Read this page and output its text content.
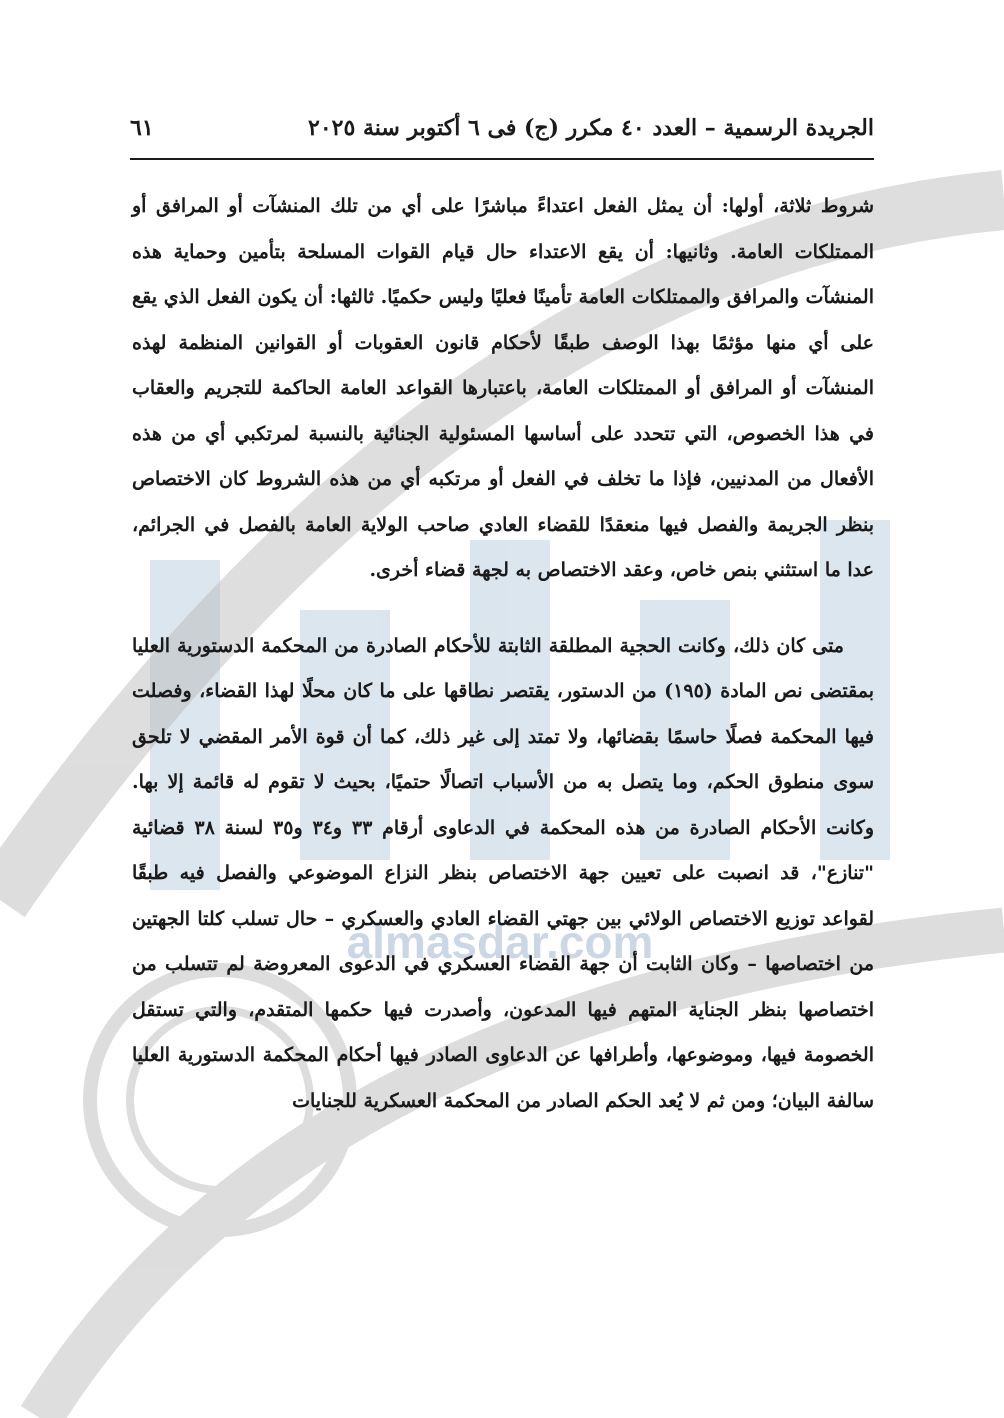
almasdar.com
الجريدة الرسمية – العدد ٤٠ مكرر (ج) فى ٦ أكتوبر سنة ٢٠٢٥
٦١

شروط ثلاثة، أولها: أن يمثل الفعل اعتداءً مباشرًا على أي من تلك المنشآت أو المرافق أو الممتلكات العامة. وثانيها: أن يقع الاعتداء حال قيام القوات المسلحة بتأمين وحماية هذه المنشآت والمرافق والممتلكات العامة تأمينًا فعليًا وليس حكميًا. ثالثها: أن يكون الفعل الذي يقع على أي منها مؤثمًا بهذا الوصف طبقًا لأحكام قانون العقوبات أو القوانين المنظمة لهذه المنشآت أو المرافق أو الممتلكات العامة، باعتبارها القواعد العامة الحاكمة للتجريم والعقاب في هذا الخصوص، التي تتحدد على أساسها المسئولية الجنائية بالنسبة لمرتكبي أي من هذه الأفعال من المدنيين، فإذا ما تخلف في الفعل أو مرتكبه أي من هذه الشروط كان الاختصاص بنظر الجريمة والفصل فيها منعقدًا للقضاء العادي صاحب الولاية العامة بالفصل في الجرائم، عدا ما استثني بنص خاص، وعقد الاختصاص به لجهة قضاء أخرى.

متى كان ذلك، وكانت الحجية المطلقة الثابتة للأحكام الصادرة من المحكمة الدستورية العليا بمقتضى نص المادة (١٩٥) من الدستور، يقتصر نطاقها على ما كان محلًا لهذا القضاء، وفصلت فيها المحكمة فصلًا حاسمًا بقضائها، ولا تمتد إلى غير ذلك، كما أن قوة الأمر المقضي لا تلحق سوى منطوق الحكم، وما يتصل به من الأسباب اتصالًا حتميًا، بحيث لا تقوم له قائمة إلا بها. وكانت الأحكام الصادرة من هذه المحكمة في الدعاوى أرقام ٣٣ و٣٤ و٣٥ لسنة ٣٨ قضائية "تنازع"، قد انصبت على تعيين جهة الاختصاص بنظر النزاع الموضوعي والفصل فيه طبقًا لقواعد توزيع الاختصاص الولائي بين جهتي القضاء العادي والعسكري – حال تسلب كلتا الجهتين من اختصاصها – وكان الثابت أن جهة القضاء العسكري في الدعوى المعروضة لم تتسلب من اختصاصها بنظر الجناية المتهم فيها المدعون، وأصدرت فيها حكمها المتقدم، والتي تستقل الخصومة فيها، وموضوعها، وأطرافها عن الدعاوى الصادر فيها أحكام المحكمة الدستورية العليا سالفة البيان؛ ومن ثم لا يُعد الحكم الصادر من المحكمة العسكرية للجنايات
